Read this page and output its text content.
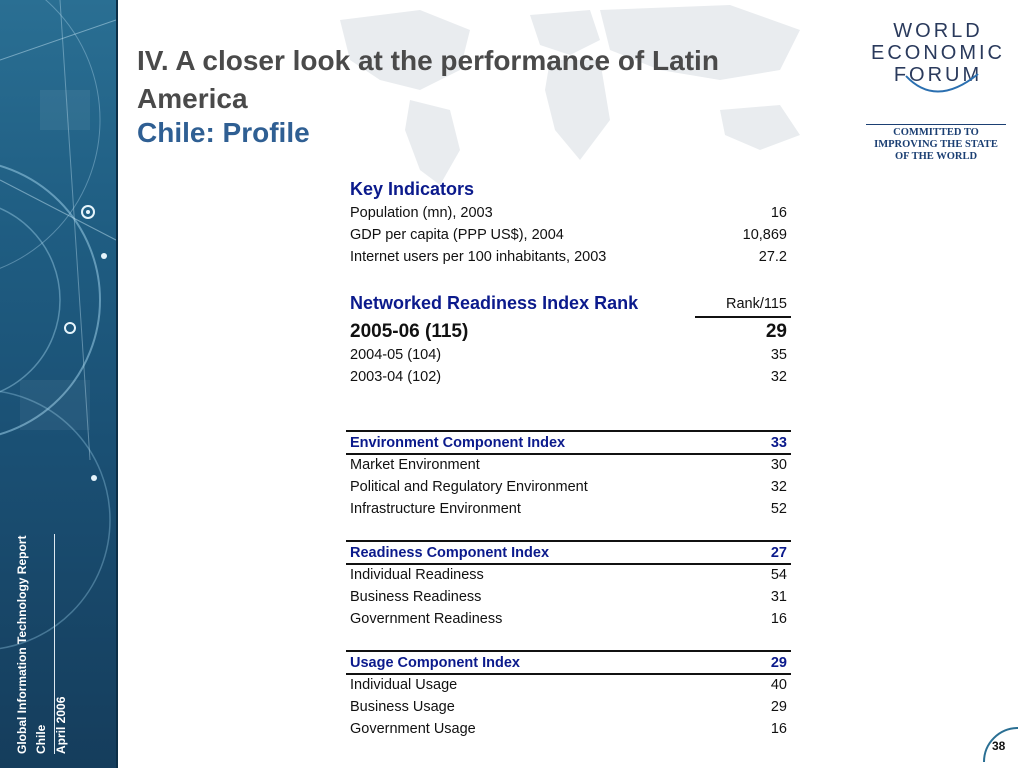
Global Information Technology Report Chile April 2006
IV. A closer look at the performance of Latin America
Chile: Profile
WORLD
ECONOMIC
FORUM
COMMITTED TO
IMPROVING THE STATE
OF THE WORLD
Key Indicators
Population (mn), 2003	16
GDP per capita (PPP US$), 2004	10,869
Internet users per 100 inhabitants, 2003	27.2
Networked Readiness Index Rank	Rank/115
2005-06 (115)	29
2004-05 (104)	35
2003-04 (102)	32
Environment Component Index	33
Market Environment	30
Political and Regulatory Environment	32
Infrastructure Environment	52
Readiness Component Index	27
Individual Readiness	54
Business Readiness	31
Government Readiness	16
Usage Component Index	29
Individual Usage	40
Business Usage	29
Government Usage	16
38
